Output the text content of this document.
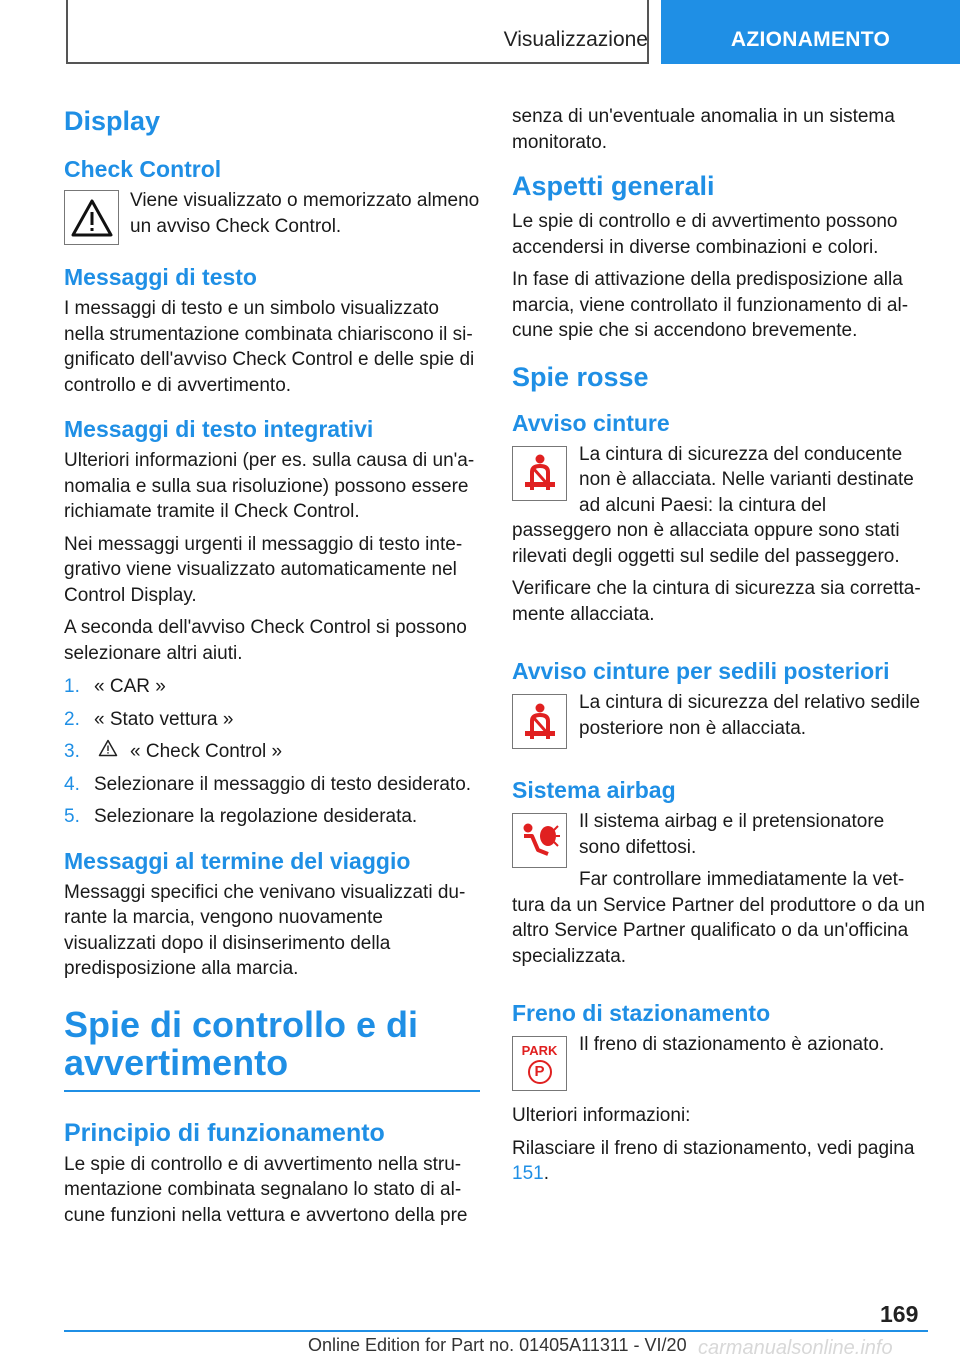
Visualizzazione	AZIONAMENTO
Display
Check Control

Viene visualizzato o memorizzato almeno un avviso Check Control.

Messaggi di testo

I messaggi di testo e un simbolo visualizzato nella strumentazione combinata chiariscono il significato dell'avviso Check Control e delle spie di controllo e di avvertimento.

Messaggi di testo integrativi

Ulteriori informazioni (per es. sulla causa di un'anomalia e sulla sua risoluzione) possono essere richiamate tramite il Check Control.

Nei messaggi urgenti il messaggio di testo integrativo viene visualizzato automaticamente nel Control Display.

A seconda dell'avviso Check Control si possono selezionare altri aiuti.

1. « CAR »
2. « Stato vettura »
3.	« Check Control »
4. Selezionare il messaggio di testo desiderato.
5. Selezionare la regolazione desiderata.
Messaggi al termine del viaggio

Messaggi specifici che venivano visualizzati durante la marcia, vengono nuovamente visualizzati dopo il disinserimento della predisposizione alla marcia.

Spie di controllo e di avvertimento
Principio di funzionamento

Le spie di controllo e di avvertimento nella strumentazione combinata segnalano lo stato di alcune funzioni nella vettura e avvertono della pre

senza di un'eventuale anomalia in un sistema monitorato.

Aspetti generali

Le spie di controllo e di avvertimento possono accendersi in diverse combinazioni e colori.

In fase di attivazione della predisposizione alla marcia, viene controllato il funzionamento di alcune spie che si accendono brevemente.

Spie rosse
Avviso cinture

La cintura di sicurezza del conducente non è allacciata. Nelle varianti destinate ad alcuni Paesi: la cintura del passeggero non è allacciata oppure sono stati rilevati degli oggetti sul sedile del passeggero.

Verificare che la cintura di sicurezza sia correttamente allacciata.

Avviso cinture per sedili posteriori

La cintura di sicurezza del relativo sedile posteriore non è allacciata.

Sistema airbag

Il sistema airbag e il pretensionatore sono difettosi.

Far controllare immediatamente la vettura da un Service Partner del produttore o da un altro Service Partner qualificato o da un'officina specializzata.

Freno di stazionamento
PARK
P

Il freno di stazionamento è azionato.

Ulteriori informazioni:

Rilasciare il freno di stazionamento, vedi pagina 151.

169
Online Edition for Part no. 01405A11311 - VI/20 carmanualsonline.info
